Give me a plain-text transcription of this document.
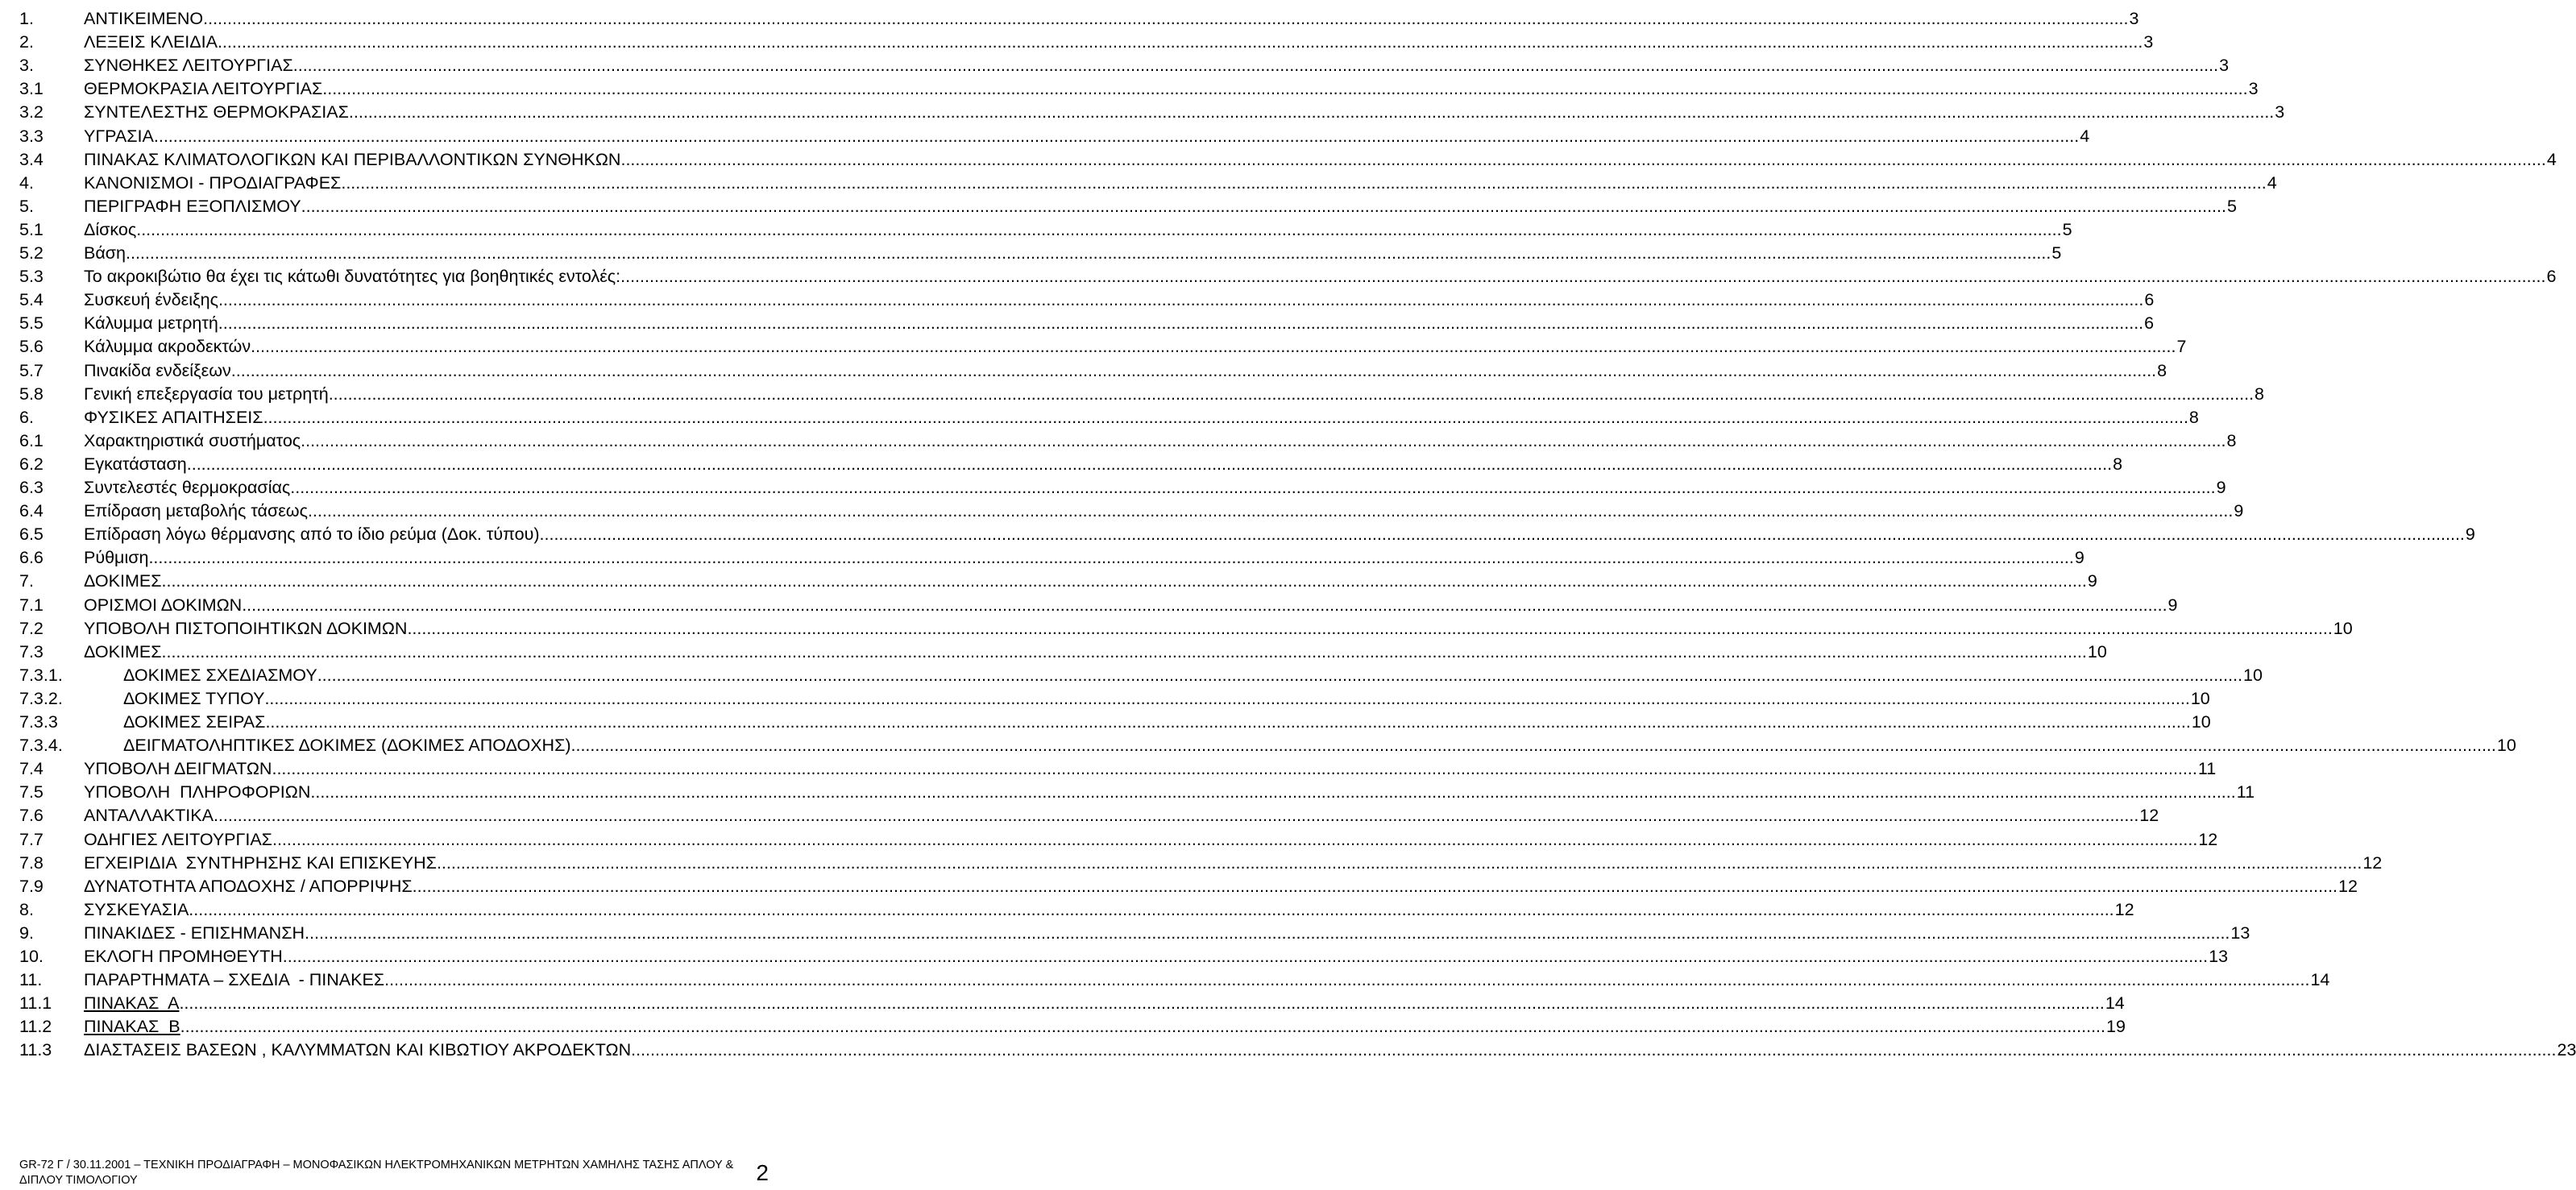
1.	ΑΝΤΙΚΕΙΜΕΝΟ ................................................................................................................................................................................................................................................................................................................................................................................................................ 3
2.	ΛΕΞΕΙΣ ΚΛΕΙΔΙΑ ................................................................................................................................................................................................................................................................................................................................................................................................................ 3
3.	ΣΥΝΘΗΚΕΣ ΛΕΙΤΟΥΡΓΙΑΣ ................................................................................................................................................................................................................................................................................................................................................................................................................ 3
3.1 ΘΕΡΜΟΚΡΑΣΙΑ ΛΕΙΤΟΥΡΓΙΑΣ ................................................................................................................................................................................................................................................................................................................................................................................................................ 3
3.2 ΣΥΝΤΕΛΕΣΤΗΣ ΘΕΡΜΟΚΡΑΣΙΑΣ ................................................................................................................................................................................................................................................................................................................................................................................................................ 3
3.3 ΥΓΡΑΣΙΑ ................................................................................................................................................................................................................................................................................................................................................................................................................ 4
3.4 ΠΙΝΑΚΑΣ ΚΛΙΜΑΤΟΛΟΓΙΚΩΝ ΚΑΙ ΠΕΡΙΒΑΛΛΟΝΤΙΚΩΝ ΣΥΝΘΗΚΩΝ ................................................................................................................................................................................................................................................................................................................................................................................................................ 4
4.	ΚΑΝΟΝΙΣΜΟΙ - ΠΡΟΔΙΑΓΡΑΦΕΣ ................................................................................................................................................................................................................................................................................................................................................................................................................ 4
5.	ΠΕΡΙΓΡΑΦΗ ΕΞΟΠΛΙΣΜΟΥ ................................................................................................................................................................................................................................................................................................................................................................................................................ 5
5.1 Δίσκος ................................................................................................................................................................................................................................................................................................................................................................................................................ 5
5.2 Βάση ................................................................................................................................................................................................................................................................................................................................................................................................................ 5
5.3 Το ακροκιβώτιο θα έχει τις κάτωθι δυνατότητες για βοηθητικές εντολές: ................................................................................................................................................................................................................................................................................................................................................................................................................ 6
5.4 Συσκευή ένδειξης ................................................................................................................................................................................................................................................................................................................................................................................................................ 6
5.5 Κάλυμμα μετρητή ................................................................................................................................................................................................................................................................................................................................................................................................................ 6
5.6 Κάλυμμα ακροδεκτών ................................................................................................................................................................................................................................................................................................................................................................................................................ 7
5.7 Πινακίδα ενδείξεων ................................................................................................................................................................................................................................................................................................................................................................................................................ 8
5.8 Γενική επεξεργασία του μετρητή ................................................................................................................................................................................................................................................................................................................................................................................................................ 8
6.	ΦΥΣΙΚΕΣ ΑΠΑΙΤΗΣΕΙΣ ................................................................................................................................................................................................................................................................................................................................................................................................................ 8
6.1 Χαρακτηριστικά συστήματος ................................................................................................................................................................................................................................................................................................................................................................................................................ 8
6.2 Εγκατάσταση ................................................................................................................................................................................................................................................................................................................................................................................................................ 8
6.3 Συντελεστές θερμοκρασίας ................................................................................................................................................................................................................................................................................................................................................................................................................ 9
6.4 Επίδραση μεταβολής τάσεως ................................................................................................................................................................................................................................................................................................................................................................................................................ 9
6.5 Επίδραση λόγω θέρμανσης από το ίδιο ρεύμα (Δοκ. τύπου) ................................................................................................................................................................................................................................................................................................................................................................................................................ 9
6.6 Ρύθμιση ................................................................................................................................................................................................................................................................................................................................................................................................................ 9
7.	ΔΟΚΙΜΕΣ ................................................................................................................................................................................................................................................................................................................................................................................................................ 9
7.1 ΟΡΙΣΜΟΙ ΔΟΚΙΜΩΝ ................................................................................................................................................................................................................................................................................................................................................................................................................ 9
7.2 ΥΠΟΒΟΛΗ ΠΙΣΤΟΠΟΙΗΤΙΚΩΝ ΔΟΚΙΜΩΝ ................................................................................................................................................................................................................................................................................................................................................................................................................ 10
7.3 ΔΟΚΙΜΕΣ ................................................................................................................................................................................................................................................................................................................................................................................................................ 10
7.3.1.	ΔΟΚΙΜΕΣ ΣΧΕΔΙΑΣΜΟΥ ................................................................................................................................................................................................................................................................................................................................................................................................................ 10
7.3.2.	ΔΟΚΙΜΕΣ ΤΥΠΟΥ ................................................................................................................................................................................................................................................................................................................................................................................................................ 10
7.3.3	ΔΟΚΙΜΕΣ ΣΕΙΡΑΣ ................................................................................................................................................................................................................................................................................................................................................................................................................ 10
7.3.4.	ΔΕΙΓΜΑΤΟΛΗΠΤΙΚΕΣ ΔΟΚΙΜΕΣ (ΔΟΚΙΜΕΣ ΑΠΟΔΟΧΗΣ) ................................................................................................................................................................................................................................................................................................................................................................................................................ 10
7.4 ΥΠΟΒΟΛΗ ΔΕΙΓΜΑΤΩΝ ................................................................................................................................................................................................................................................................................................................................................................................................................ 11
7.5 ΥΠΟΒΟΛΗ  ΠΛΗΡΟΦΟΡΙΩΝ ................................................................................................................................................................................................................................................................................................................................................................................................................ 11
7.6 ΑΝΤΑΛΛΑΚΤΙΚΑ ................................................................................................................................................................................................................................................................................................................................................................................................................ 12
7.7 ΟΔΗΓΙΕΣ ΛΕΙΤΟΥΡΓΙΑΣ ................................................................................................................................................................................................................................................................................................................................................................................................................ 12
7.8 ΕΓΧΕΙΡΙΔΙΑ  ΣΥΝΤΗΡΗΣΗΣ ΚΑΙ ΕΠΙΣΚΕΥΗΣ ................................................................................................................................................................................................................................................................................................................................................................................................................ 12
7.9 ΔΥΝΑΤΟΤΗΤΑ ΑΠΟΔΟΧΗΣ / ΑΠΟΡΡΙΨΗΣ ................................................................................................................................................................................................................................................................................................................................................................................................................ 12
8.	ΣΥΣΚΕΥΑΣΙΑ ................................................................................................................................................................................................................................................................................................................................................................................................................ 12
9.	ΠΙΝΑΚΙΔΕΣ - ΕΠΙΣΗΜΑΝΣΗ ................................................................................................................................................................................................................................................................................................................................................................................................................ 13
10. ΕΚΛΟΓΗ ΠΡΟΜΗΘΕΥΤΗ ................................................................................................................................................................................................................................................................................................................................................................................................................ 13
11. ΠΑΡΑΡΤΗΜΑΤΑ – ΣΧΕΔΙΑ  - ΠΙΝΑΚΕΣ ................................................................................................................................................................................................................................................................................................................................................................................................................ 14
11.1 ΠΙΝΑΚΑΣ  Α ................................................................................................................................................................................................................................................................................................................................................................................................................ 14
11.2 ΠΙΝΑΚΑΣ  Β ................................................................................................................................................................................................................................................................................................................................................................................................................ 19
11.3 ΔΙΑΣΤΑΣΕΙΣ ΒΑΣΕΩΝ , ΚΑΛΥΜΜΑΤΩΝ ΚΑΙ ΚΙΒΩΤΙΟΥ ΑΚΡΟΔΕΚΤΩΝ ................................................................................................................................................................................................................................................................................................................................................................................................................ 23
GR-72 Γ / 30.11.2001 – ΤΕΧΝΙΚΗ ΠΡΟΔΙΑΓΡΑΦΗ – ΜΟΝΟΦΑΣΙΚΩΝ ΗΛΕΚΤΡΟΜΗΧΑΝΙΚΩΝ ΜΕΤΡΗΤΩΝ ΧΑΜΗΛΗΣ ΤΑΣΗΣ ΑΠΛΟΥ & ΔΙΠΛΟΥ ΤΙΜΟΛΟΓΙΟΥ	2
